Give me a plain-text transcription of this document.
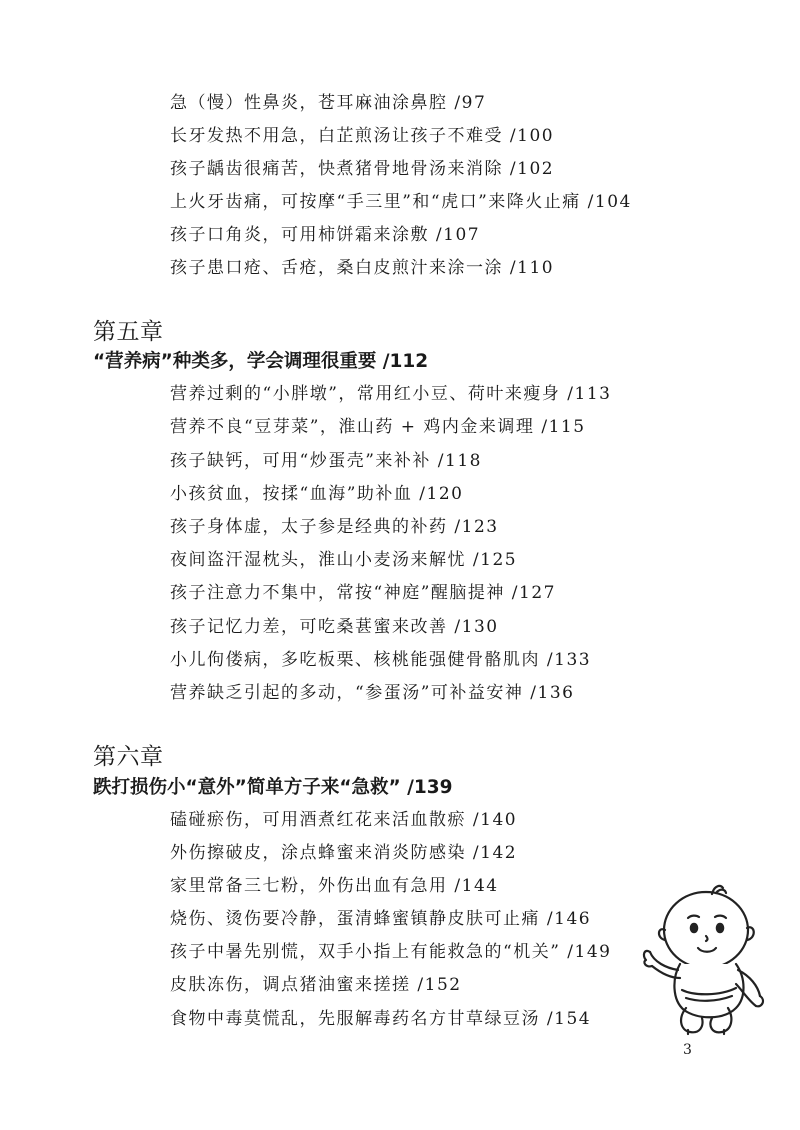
急（慢）性鼻炎，苍耳麻油涂鼻腔 /97
长牙发热不用急，白芷煎汤让孩子不难受 /100
孩子龋齿很痛苦，快煮猪骨地骨汤来消除 /102
上火牙齿痛，可按摩“手三里”和“虎口”来降火止痛 /104
孩子口角炎，可用柿饼霜来涂敷 /107
孩子患口疮、舌疮，桑白皮煎汁来涂一涂 /110
第五章
“营养病”种类多，学会调理很重要 /112
营养过剩的“小胖墩”，常用红小豆、荷叶来瘦身 /113
营养不良“豆芽菜”，淮山药 + 鸡内金来调理 /115
孩子缺钙，可用“炒蛋壳”来补补 /118
小孩贫血，按揉“血海”助补血 /120
孩子身体虚，太子参是经典的补药 /123
夜间盗汗湿枕头，淮山小麦汤来解忧 /125
孩子注意力不集中，常按“神庭”醒脑提神 /127
孩子记忆力差，可吃桑葚蜜来改善 /130
小儿佝偻病，多吃板栗、核桃能强健骨骼肌肉 /133
营养缺乏引起的多动，“参蛋汤”可补益安神 /136
第六章
跌打损伤小“意外”简单方子来“急救” /139
磕碰瘀伤，可用酒煮红花来活血散瘀 /140
外伤擦破皮，涂点蜂蜜来消炎防感染 /142
家里常备三七粉，外伤出血有急用 /144
烧伤、烫伤要冷静，蛋清蜂蜜镇静皮肤可止痛 /146
孩子中暑先别慌，双手小指上有能救急的“机关” /149
皮肤冻伤，调点猪油蜜来搓搓 /152
食物中毒莫慌乱，先服解毒药名方甘草绿豆汤 /154
3
